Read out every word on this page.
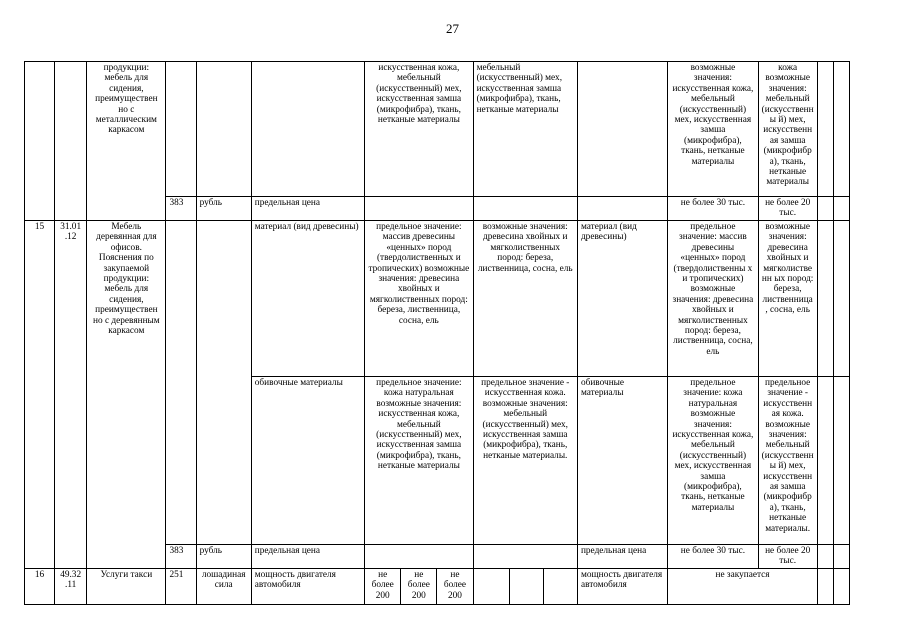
27
		продукции: мебель для сидения, преимуществен но с металлическим каркасом				искусственная кожа, мебельный (искусственный) мех, искусственная замша (микрофибра), ткань, нетканые материалы			мебельный (искусственный) мех, искусственная замша (микрофибра), ткань, нетканые материалы				возможные значения: искусственная кожа, мебельный (искусственный) мех, искусственная замша (микрофибра), ткань, нетканые материалы	кожа возможные значения: мебельный (искусственны й) мех, искусственная замша (микрофибра), ткань, нетканые материалы		
			383	рубль	предельная цена								не более 30 тыс.	не более 20 тыс.		
15	31.01 .12	Мебель деревянная для офисов. Пояснения по закупаемой продукции: мебель для сидения, преимуществен но с деревянным каркасом			материал (вид древесины)	предельное значение: массив древесины «ценных» пород (твердолиственных и тропических) возможные значения: древесина хвойных и мягколиственных пород: береза, лиственница, сосна, ель			возможные значения: древесина хвойных и мягколиственных пород: береза, лиственница, сосна, ель			материал (вид древесины)	предельное значение: массив древесины «ценных» пород (твердолиственны х и тропических) возможные значения: древесина хвойных и мягколиственных пород: береза, лиственница, сосна, ель	возможные значения: древесина хвойных и мягколиственн ых пород: береза, лиственница, сосна, ель		
					обивочные материалы	предельное значение: кожа натуральная возможные значения: искусственная кожа, мебельный (искусственный) мех, искусственная замша (микрофибра), ткань, нетканые материалы			предельное значение - искусственная кожа. возможные значения: мебельный (искусственный) мех, искусственная замша (микрофибра), ткань, нетканые материалы.			обивочные материалы	предельное значение: кожа натуральная возможные значения: искусственная кожа, мебельный (искусственный) мех, искусственная замша (микрофибра), ткань, нетканые материалы	предельное значение - искусственная кожа. возможные значения: мебельный (искусственны й) мех, искусственная замша (микрофибра), ткань, нетканые материалы.		
			383	рубль	предельная цена							предельная цена	не более 30 тыс.	не более 20 тыс.		
16	49.32 .11	Услуги такси	251	лошадиная сила	мощность двигателя автомобиля	не более 200	не более 200	не более 200				мощность двигателя автомобиля	не закупается			
